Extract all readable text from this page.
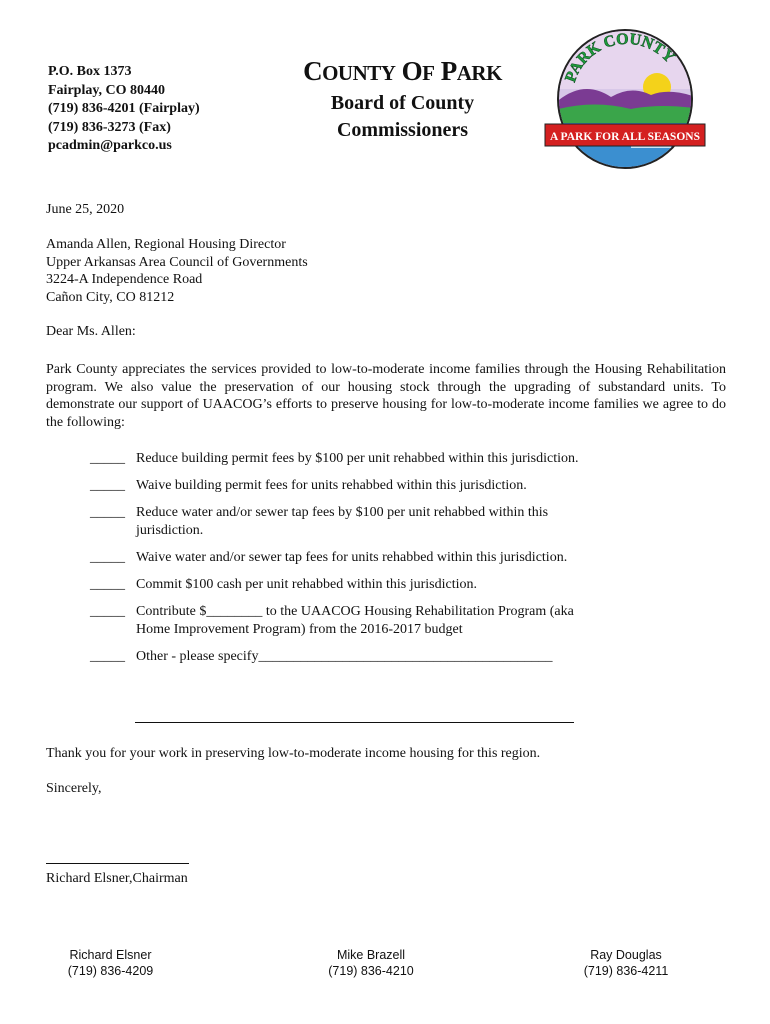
P.O. Box 1373
Fairplay, CO 80440
(719) 836-4201 (Fairplay)
(719) 836-3273 (Fax)
pcadmin@parkco.us
COUNTY OF PARK
Board of County
Commissioners
PARK COUNTY
A PARK FOR ALL SEASONS
June 25, 2020
Amanda Allen, Regional Housing Director
Upper Arkansas Area Council of Governments
3224-A Independence Road
Cañon City, CO 81212
Dear Ms. Allen:
Park County appreciates the services provided to low-to-moderate income families through the Housing Rehabilitation program. We also value the preservation of our housing stock through the upgrading of substandard units. To demonstrate our support of UAACOG’s efforts to preserve housing for low-to-moderate income families we agree to do the following:
_____ Reduce building permit fees by $100 per unit rehabbed within this jurisdiction.
_____ Waive building permit fees for units rehabbed within this jurisdiction.
_____ Reduce water and/or sewer tap fees by $100 per unit rehabbed within this jurisdiction.
_____ Waive water and/or sewer tap fees for units rehabbed within this jurisdiction.
_____ Commit $100 cash per unit rehabbed within this jurisdiction.
_____ Contribute $________ to the UAACOG Housing Rehabilitation Program (aka Home Improvement Program) from the 2016-2017 budget
_____ Other - please specify__________________________________________
Thank you for your work in preserving low-to-moderate income housing for this region.
Sincerely,
Richard Elsner,Chairman
Richard Elsner
(719) 836-4209
Mike Brazell
(719) 836-4210
Ray Douglas
(719) 836-4211
